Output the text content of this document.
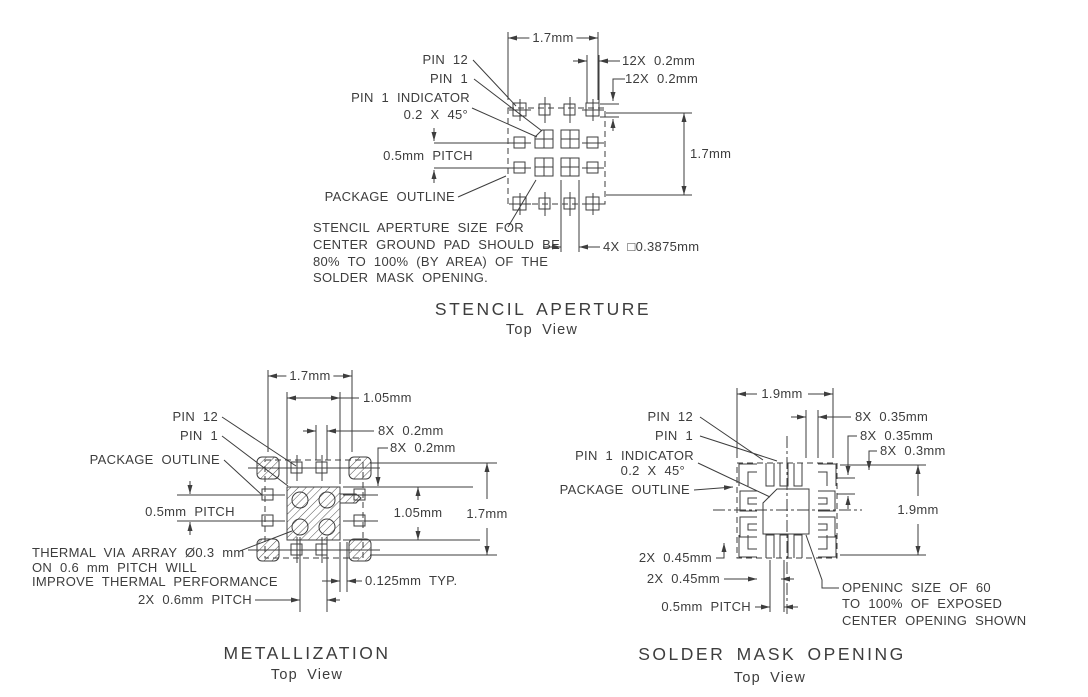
PIN 12
PIN 1
PIN 1 INDICATOR
0.2 X 45°
0.5mm PITCH
PACKAGE OUTLINE
1.7mm
12X 0.2mm
12X 0.2mm
1.7mm
4X □0.3875mm
STENCIL APERTURE SIZE FOR
CENTER GROUND PAD SHOULD BE
80% TO 100% (BY AREA) OF THE
SOLDER MASK OPENING.
STENCIL APERTURE
Top View
PIN 12
PIN 1
PACKAGE OUTLINE
0.5mm PITCH
1.7mm
1.05mm
8X 0.2mm
8X 0.2mm
1.05mm 1.7mm
0.125mm TYP.
2X 0.6mm PITCH
THERMAL VIA ARRAY Ø0.3 mm
ON 0.6 mm PITCH WILL
IMPROVE THERMAL PERFORMANCE
METALLIZATION
Top View
PIN 12
PIN 1
PIN 1 INDICATOR
0.2 X 45°
PACKAGE OUTLINE
1.9mm
8X 0.35mm
8X 0.35mm
8X 0.3mm
1.9mm
2X 0.45mm
2X 0.45mm
0.5mm PITCH
OPENINC SIZE OF 60
TO 100% OF EXPOSED
CENTER OPENING SHOWN
SOLDER MASK OPENING
Top View
